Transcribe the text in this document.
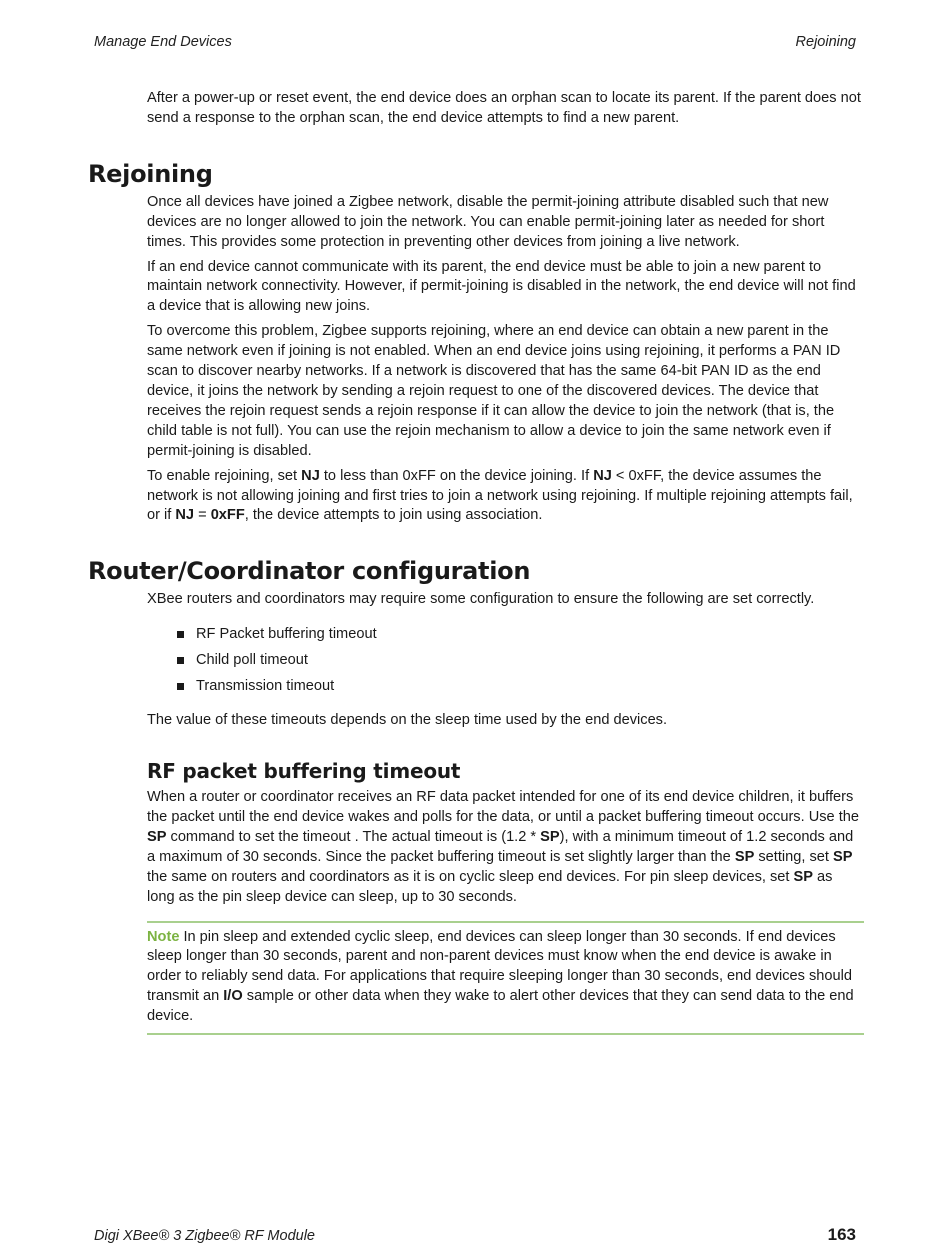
Manage End Devices	Rejoining

After a power-up or reset event, the end device does an orphan scan to locate its parent. If the parent does not send a response to the orphan scan, the end device attempts to find a new parent.

Rejoining

Once all devices have joined a Zigbee network, disable the permit-joining attribute disabled such that new devices are no longer allowed to join the network. You can enable permit-joining later as needed for short times. This provides some protection in preventing other devices from joining a live network.

If an end device cannot communicate with its parent, the end device must be able to join a new parent to maintain network connectivity. However, if permit-joining is disabled in the network, the end device will not find a device that is allowing new joins.

To overcome this problem, Zigbee supports rejoining, where an end device can obtain a new parent in the same network even if joining is not enabled. When an end device joins using rejoining, it performs a PAN ID scan to discover nearby networks. If a network is discovered that has the same 64-bit PAN ID as the end device, it joins the network by sending a rejoin request to one of the discovered devices. The device that receives the rejoin request sends a rejoin response if it can allow the device to join the network (that is, the child table is not full). You can use the rejoin mechanism to allow a device to join the same network even if permit-joining is disabled.

To enable rejoining, set NJ to less than 0xFF on the device joining. If NJ < 0xFF, the device assumes the network is not allowing joining and first tries to join a network using rejoining. If multiple rejoining attempts fail, or if NJ = 0xFF, the device attempts to join using association.

Router/Coordinator configuration

XBee routers and coordinators may require some configuration to ensure the following are set correctly.

RF Packet buffering timeout
Child poll timeout
Transmission timeout

The value of these timeouts depends on the sleep time used by the end devices.

RF packet buffering timeout

When a router or coordinator receives an RF data packet intended for one of its end device children, it buffers the packet until the end device wakes and polls for the data, or until a packet buffering timeout occurs. Use the SP command to set the timeout . The actual timeout is (1.2 * SP), with a minimum timeout of 1.2 seconds and a maximum of 30 seconds. Since the packet buffering timeout is set slightly larger than the SP setting, set SP the same on routers and coordinators as it is on cyclic sleep end devices. For pin sleep devices, set SP as long as the pin sleep device can sleep, up to 30 seconds.

Note In pin sleep and extended cyclic sleep, end devices can sleep longer than 30 seconds. If end devices sleep longer than 30 seconds, parent and non-parent devices must know when the end device is awake in order to reliably send data. For applications that require sleeping longer than 30 seconds, end devices should transmit an I/O sample or other data when they wake to alert other devices that they can send data to the end device.
Digi XBee® 3 Zigbee® RF Module	163
